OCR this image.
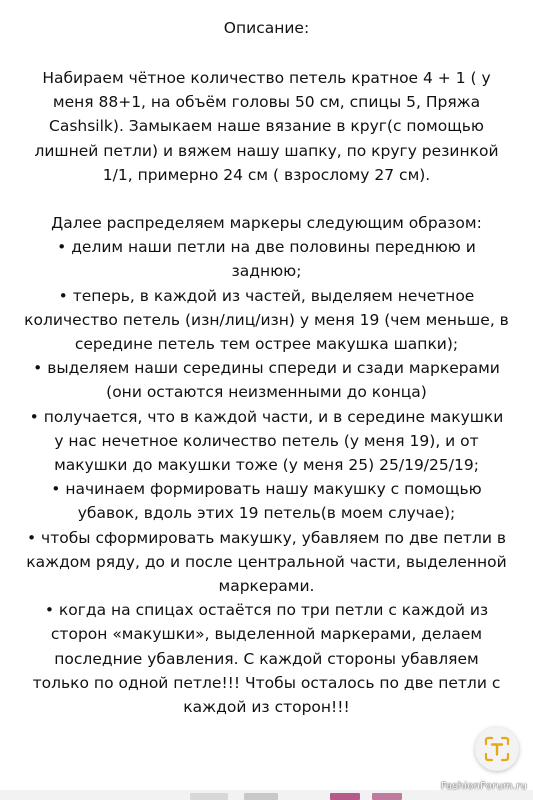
Описание:

Набираем чётное количество петель кратное 4 + 1 ( у меня 88+1, на объём головы 50 см, спицы 5, Пряжа Cashsilk). Замыкаем наше вязание в круг(с помощью лишней петли) и вяжем нашу шапку, по кругу резинкой 1/1, примерно 24 см ( взрослому 27 см).

Далее распределяем маркеры следующим образом:

• делим наши петли на две половины переднюю и заднюю;

• теперь, в каждой из частей, выделяем нечетное количество петель (изн/лиц/изн) у меня 19 (чем меньше, в середине петель тем острее макушка шапки);

• выделяем наши середины спереди и сзади маркерами (они остаются неизменными до конца)

• получается, что в каждой части, и в середине макушки у нас нечетное количество петель (у меня 19), и от макушки до макушки тоже (у меня 25) 25/19/25/19;

• начинаем формировать нашу макушку с помощью убавок, вдоль этих 19 петель(в моем случае);

• чтобы сформировать макушку, убавляем по две петли в каждом ряду, до и после центральной части, выделенной маркерами.

• когда на спицах остаётся по три петли с каждой из сторон «макушки», выделенной маркерами, делаем последние убавления. С каждой стороны убавляем только по одной петле!!! Чтобы осталось по две петли с каждой из сторон!!!

FashionForum.ru
